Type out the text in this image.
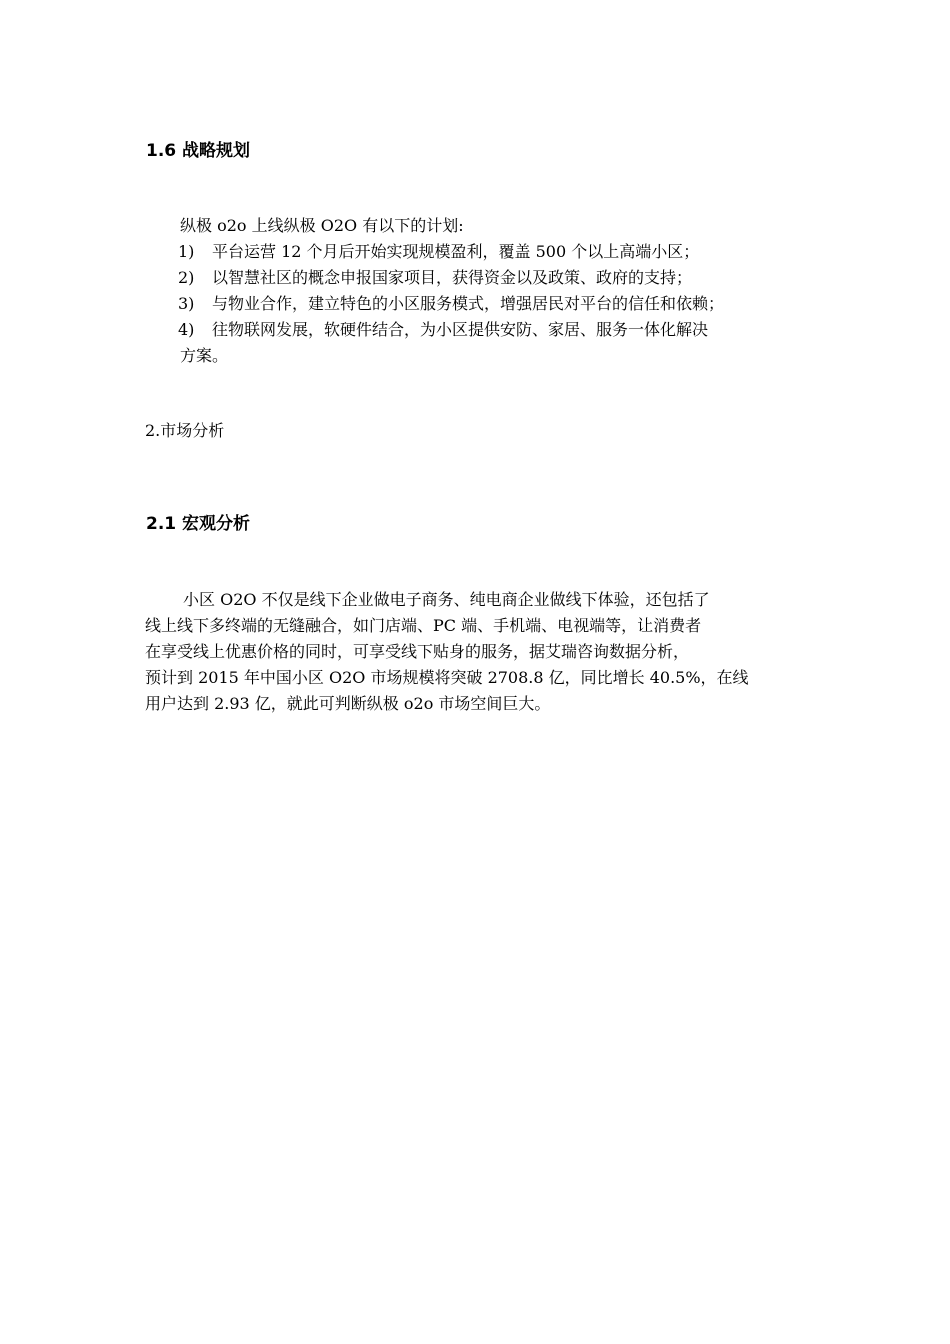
1.6 战略规划
纵极 o2o 上线纵极 O2O 有以下的计划:
1) 平台运营 12 个月后开始实现规模盈利，覆盖 500 个以上高端小区；
2) 以智慧社区的概念申报国家项目，获得资金以及政策、政府的支持；
3) 与物业合作，建立特色的小区服务模式，增强居民对平台的信任和依赖；
4) 往物联网发展，软硬件结合，为小区提供安防、家居、服务一体化解决
方案。
2.市场分析
2.1 宏观分析
小区 O2O 不仅是线下企业做电子商务、纯电商企业做线下体验，还包括了
线上线下多终端的无缝融合，如门店端、PC 端、手机端、电视端等，让消费者
在享受线上优惠价格的同时，可享受线下贴身的服务，据艾瑞咨询数据分析，
预计到 2015 年中国小区 O2O 市场规模将突破 2708.8 亿，同比增长 40.5%，在线
用户达到 2.93 亿，就此可判断纵极 o2o 市场空间巨大。
